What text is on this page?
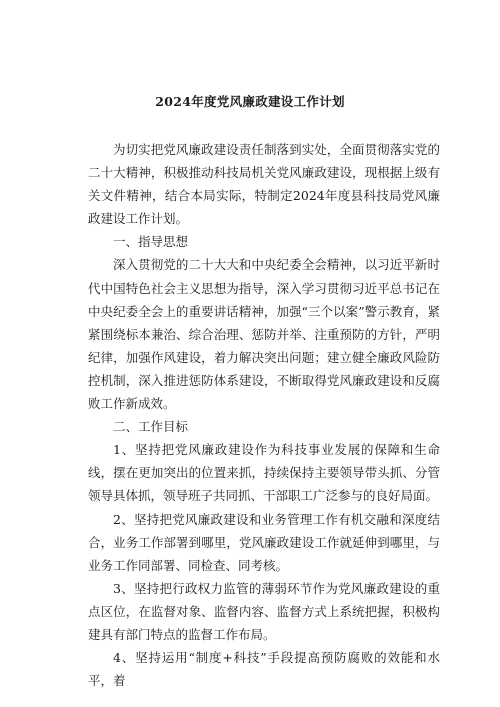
2024年度党风廉政建设工作计划

为切实把党风廉政建设责任制落到实处，全面贯彻落实党的二十大精神，积极推动科技局机关党风廉政建设，现根据上级有关文件精神，结合本局实际，特制定2024年度县科技局党风廉政建设工作计划。

一、指导思想

深入贯彻党的二十大大和中央纪委全会精神，以习近平新时代中国特色社会主义思想为指导，深入学习贯彻习近平总书记在中央纪委全会上的重要讲话精神，加强“三个以案”警示教育，紧紧围绕标本兼治、综合治理、惩防并举、注重预防的方针，严明纪律，加强作风建设，着力解决突出问题；建立健全廉政风险防控机制，深入推进惩防体系建设，不断取得党风廉政建设和反腐败工作新成效。

二、工作目标

1、坚持把党风廉政建设作为科技事业发展的保障和生命线，摆在更加突出的位置来抓，持续保持主要领导带头抓、分管领导具体抓，领导班子共同抓、干部职工广泛参与的良好局面。

2、坚持把党风廉政建设和业务管理工作有机交融和深度结合，业务工作部署到哪里，党风廉政建设工作就延伸到哪里，与业务工作同部署、同检查、同考核。

3、坚持把行政权力监管的薄弱环节作为党风廉政建设的重点区位，在监督对象、监督内容、监督方式上系统把握，积极构建具有部门特点的监督工作布局。

4、坚持运用“制度+科技”手段提高预防腐败的效能和水平，着
